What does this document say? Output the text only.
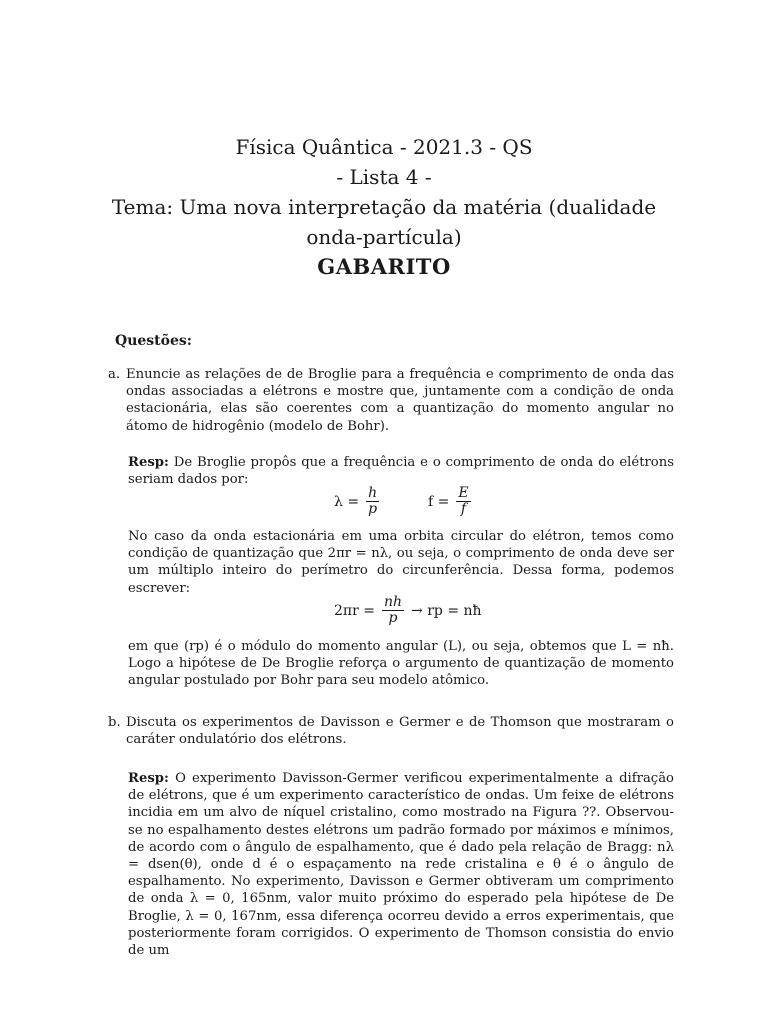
Física Quântica - 2021.3 - QS
- Lista 4 -
Tema: Uma nova interpretação da matéria (dualidade
onda-partícula)
GABARITO
Questões:
a. Enuncie as relações de de Broglie para a frequência e comprimento de onda das ondas associadas a elétrons e mostre que, juntamente com a condição de onda estacionária, elas são coerentes com a quantização do momento angular no átomo de hidrogênio (modelo de Bohr).
Resp: De Broglie propôs que a frequência e o comprimento de onda do elétrons seriam dados por:
$\lambda = \frac{h}{p}$	$f = \frac{E}{f}$
No caso da onda estacionária em uma orbita circular do elétron, temos como condição de quantização que 2πr = nλ, ou seja, o comprimento de onda deve ser um múltiplo inteiro do perímetro do circunferência. Dessa forma, podemos escrever:
$2\pi r = \frac{nh}{p}$ → rp = nħ
em que (rp) é o módulo do momento angular (L), ou seja, obtemos que L = nħ. Logo a hipótese de De Broglie reforça o argumento de quantização de momento angular postulado por Bohr para seu modelo atômico.
b. Discuta os experimentos de Davisson e Germer e de Thomson que mostraram o caráter ondulatório dos elétrons.
Resp: O experimento Davisson-Germer verificou experimentalmente a difração de elétrons, que é um experimento característico de ondas. Um feixe de elétrons incidia em um alvo de níquel cristalino, como mostrado na Figura ??. Observou-se no espalhamento destes elétrons um padrão formado por máximos e mínimos, de acordo com o ângulo de espalhamento, que é dado pela relação de Bragg: nλ = dsen(θ), onde d é o espaçamento na rede cristalina e θ é o ângulo de espalhamento. No experimento, Davisson e Germer obtiveram um comprimento de onda λ = 0, 165nm, valor muito próximo do esperado pela hipótese de De Broglie, λ = 0, 167nm, essa diferença ocorreu devido a erros experimentais, que posteriormente foram corrigidos. O experimento de Thomson consistia do envio de um
